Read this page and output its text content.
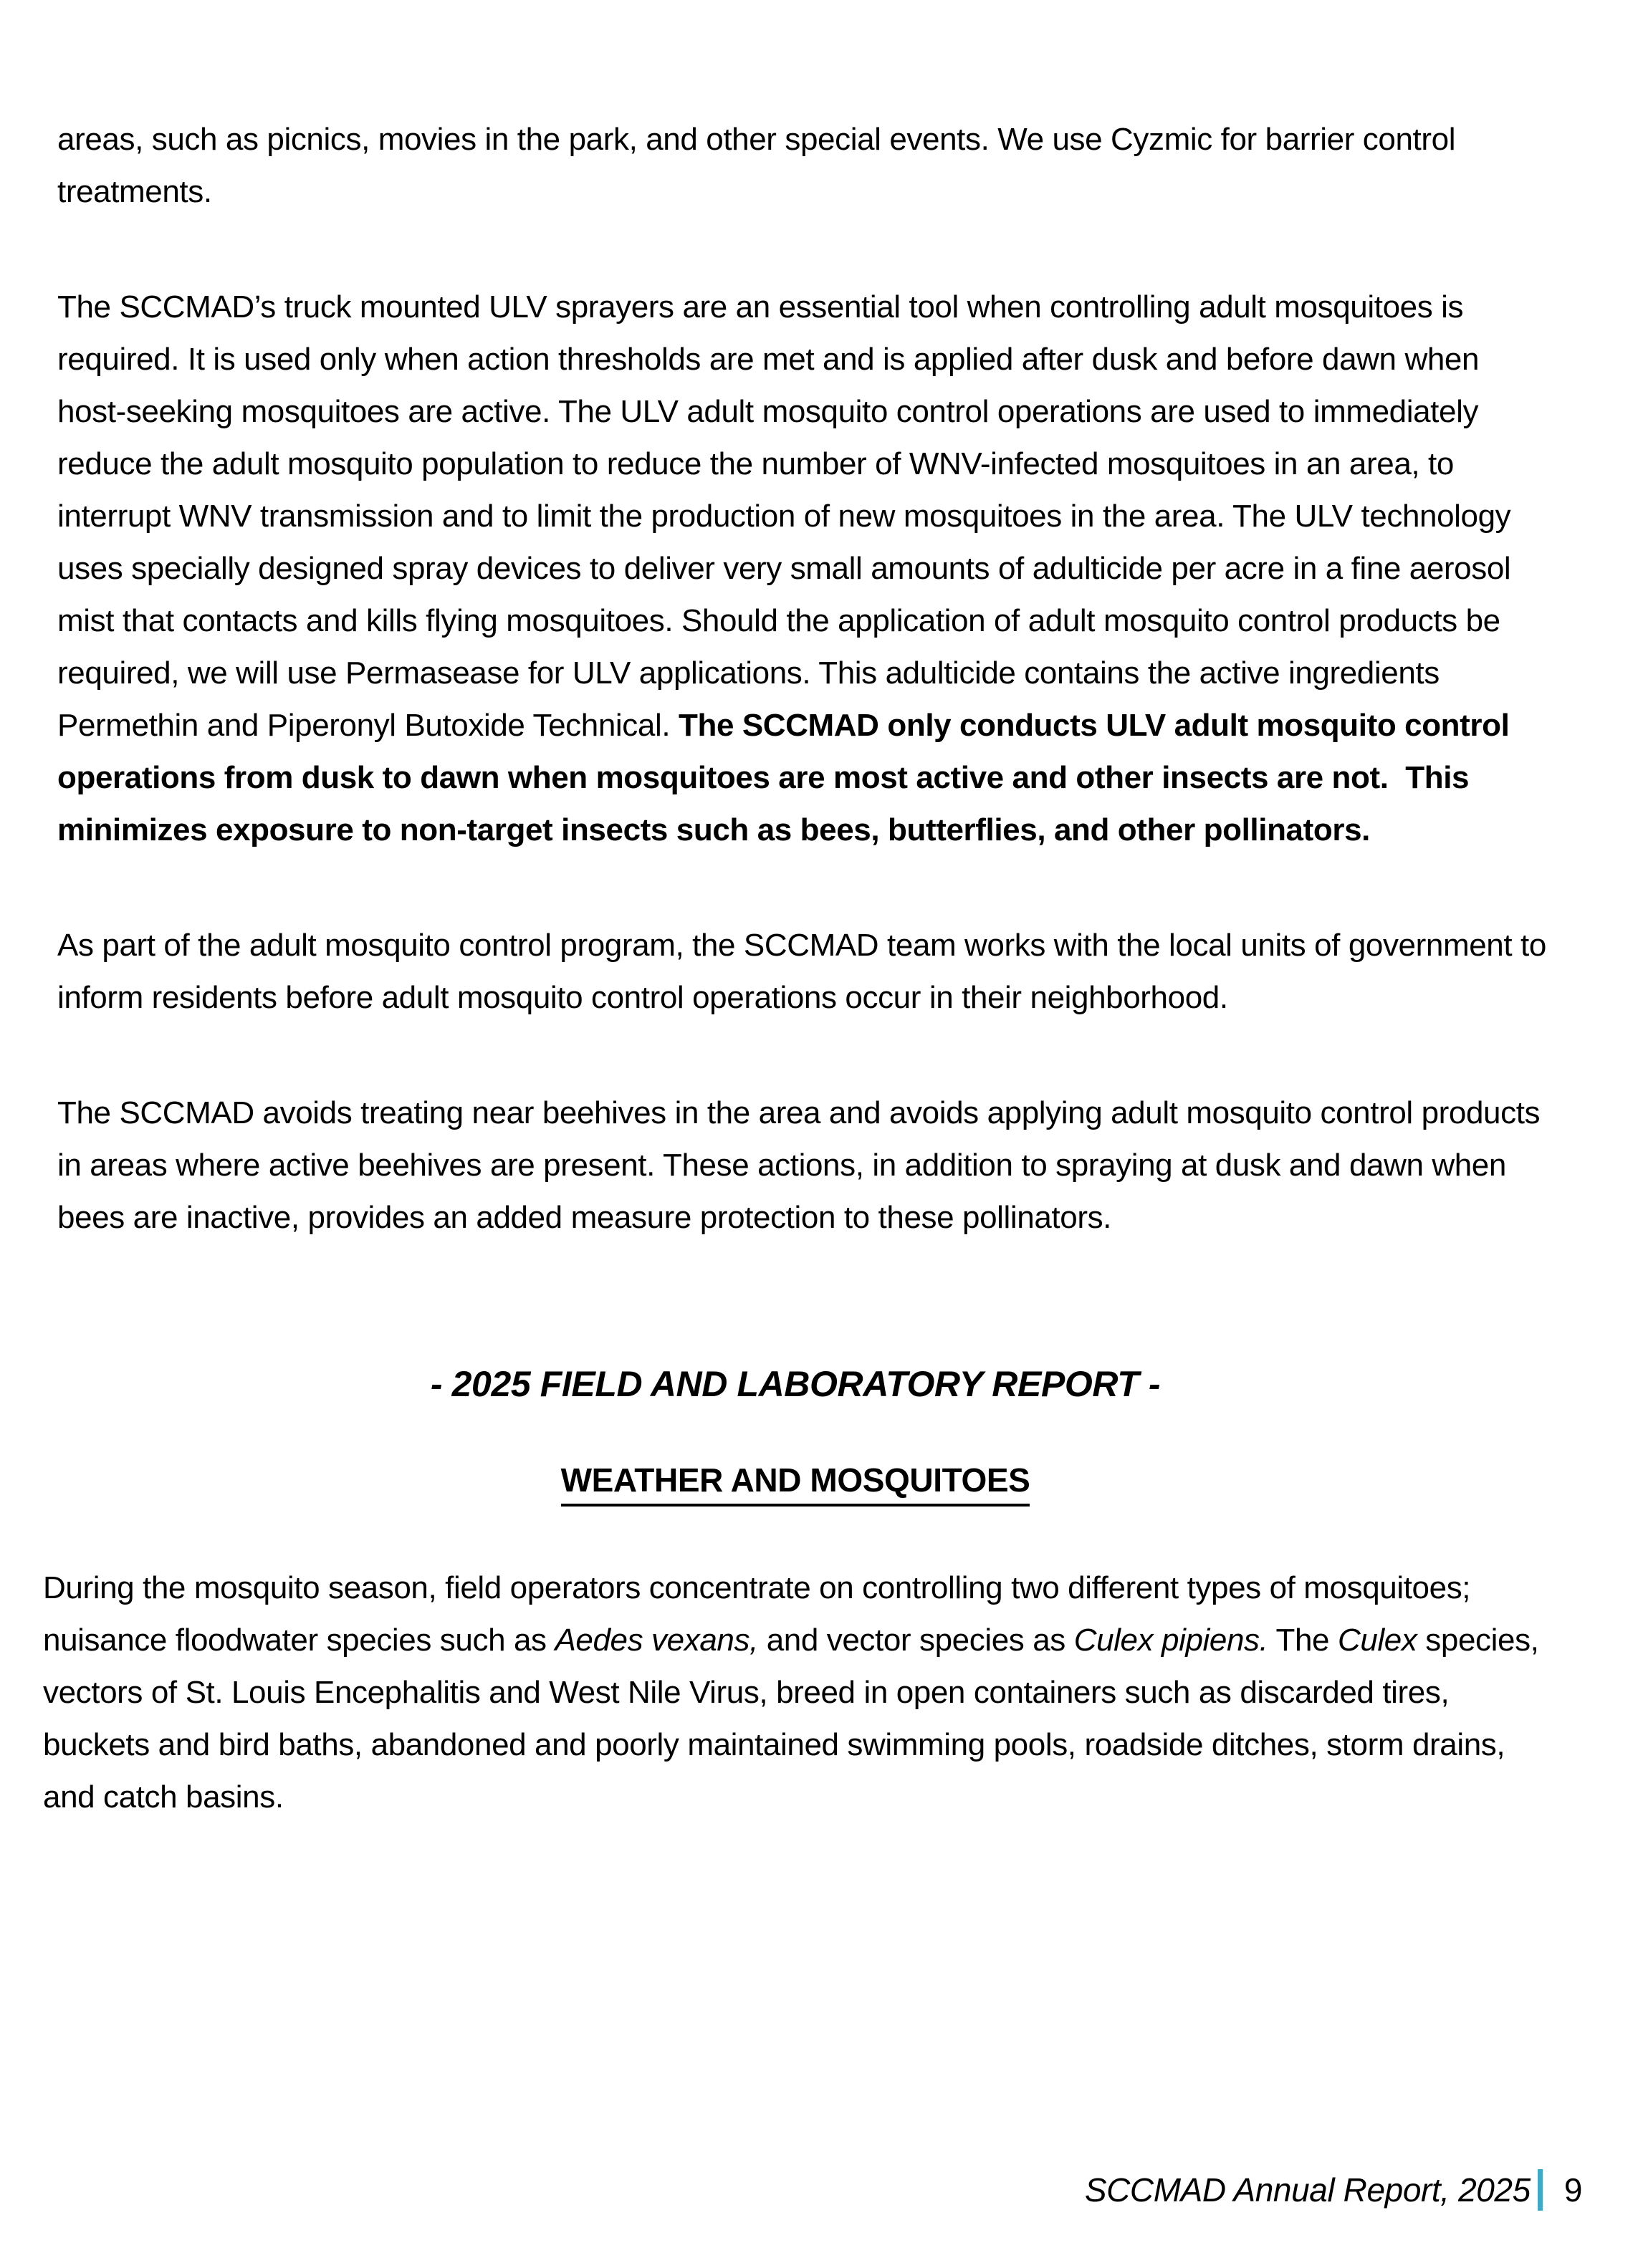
areas, such as picnics, movies in the park, and other special events. We use Cyzmic for barrier control treatments.

The SCCMAD’s truck mounted ULV sprayers are an essential tool when controlling adult mosquitoes is required. It is used only when action thresholds are met and is applied after dusk and before dawn when host-seeking mosquitoes are active. The ULV adult mosquito control operations are used to immediately reduce the adult mosquito population to reduce the number of WNV-infected mosquitoes in an area, to interrupt WNV transmission and to limit the production of new mosquitoes in the area. The ULV technology uses specially designed spray devices to deliver very small amounts of adulticide per acre in a fine aerosol mist that contacts and kills flying mosquitoes. Should the application of adult mosquito control products be required, we will use Permasease for ULV applications. This adulticide contains the active ingredients Permethin and Piperonyl Butoxide Technical. The SCCMAD only conducts ULV adult mosquito control operations from dusk to dawn when mosquitoes are most active and other insects are not.  This minimizes exposure to non-target insects such as bees, butterflies, and other pollinators.

As part of the adult mosquito control program, the SCCMAD team works with the local units of government to inform residents before adult mosquito control operations occur in their neighborhood.

The SCCMAD avoids treating near beehives in the area and avoids applying adult mosquito control products in areas where active beehives are present. These actions, in addition to spraying at dusk and dawn when bees are inactive, provides an added measure protection to these pollinators.

- 2025 FIELD AND LABORATORY REPORT -
WEATHER AND MOSQUITOES

During the mosquito season, field operators concentrate on controlling two different types of mosquitoes; nuisance floodwater species such as Aedes vexans, and vector species as Culex pipiens. The Culex species, vectors of St. Louis Encephalitis and West Nile Virus, breed in open containers such as discarded tires, buckets and bird baths, abandoned and poorly maintained swimming pools, roadside ditches, storm drains, and catch basins.

SCCMAD Annual Report, 2025 9
